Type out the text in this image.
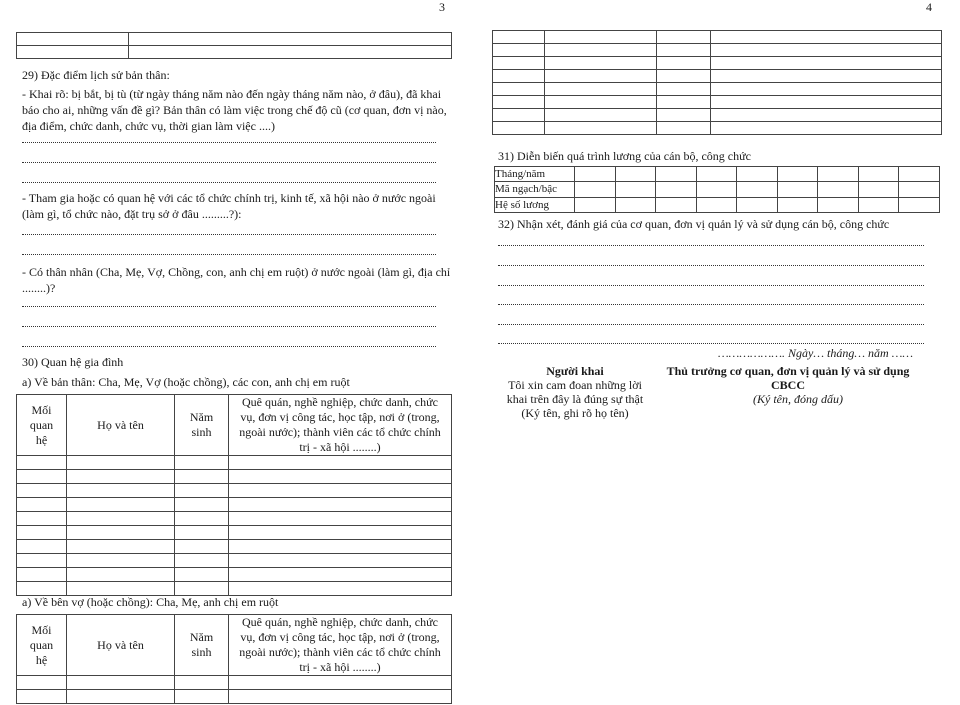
3	4

29) Đặc điểm lịch sử bản thân:
- Khai rõ: bị bắt, bị tù (từ ngày tháng năm nào đến ngày tháng năm nào, ở đâu), đã khai báo cho ai, những vấn đề gì? Bản thân có làm việc trong chế độ cũ (cơ quan, đơn vị nào, địa điểm, chức danh, chức vụ, thời gian làm việc ....)
- Tham gia hoặc có quan hệ với các tổ chức chính trị, kinh tế, xã hội nào ở nước ngoài (làm gì, tổ chức nào, đặt trụ sở ở đâu .........?):
- Có thân nhân (Cha, Mẹ, Vợ, Chồng, con, anh chị em ruột) ở nước ngoài (làm gì, địa chỉ ........)?
30) Quan hệ gia đình
a) Về bản thân: Cha, Mẹ, Vợ (hoặc chồng), các con, anh chị em ruột
Mối quan hệ	Họ và tên	Năm sinh	Quê quán, nghề nghiệp, chức danh, chức vụ, đơn vị công tác, học tập, nơi ở (trong, ngoài nước); thành viên các tổ chức chính trị - xã hội ........)

a) Về bên vợ (hoặc chồng): Cha, Mẹ, anh chị em ruột
Mối quan hệ	Họ và tên	Năm sinh	Quê quán, nghề nghiệp, chức danh, chức vụ, đơn vị công tác, học tập, nơi ở (trong, ngoài nước); thành viên các tổ chức chính trị - xã hội ........)

31) Diễn biến quá trình lương của cán bộ, công chức
Tháng/năm									
Mã ngạch/bậc									
Hệ số lương									
32) Nhận xét, đánh giá của cơ quan, đơn vị quản lý và sử dụng cán bộ, công chức
………………. Ngày… tháng… năm ……
Người khai
Tôi xin cam đoan những lời khai trên đây là đúng sự thật
(Ký tên, ghi rõ họ tên)
Thủ trưởng cơ quan, đơn vị quản lý và sử dụng CBCC
(Ký tên, đóng dấu)
